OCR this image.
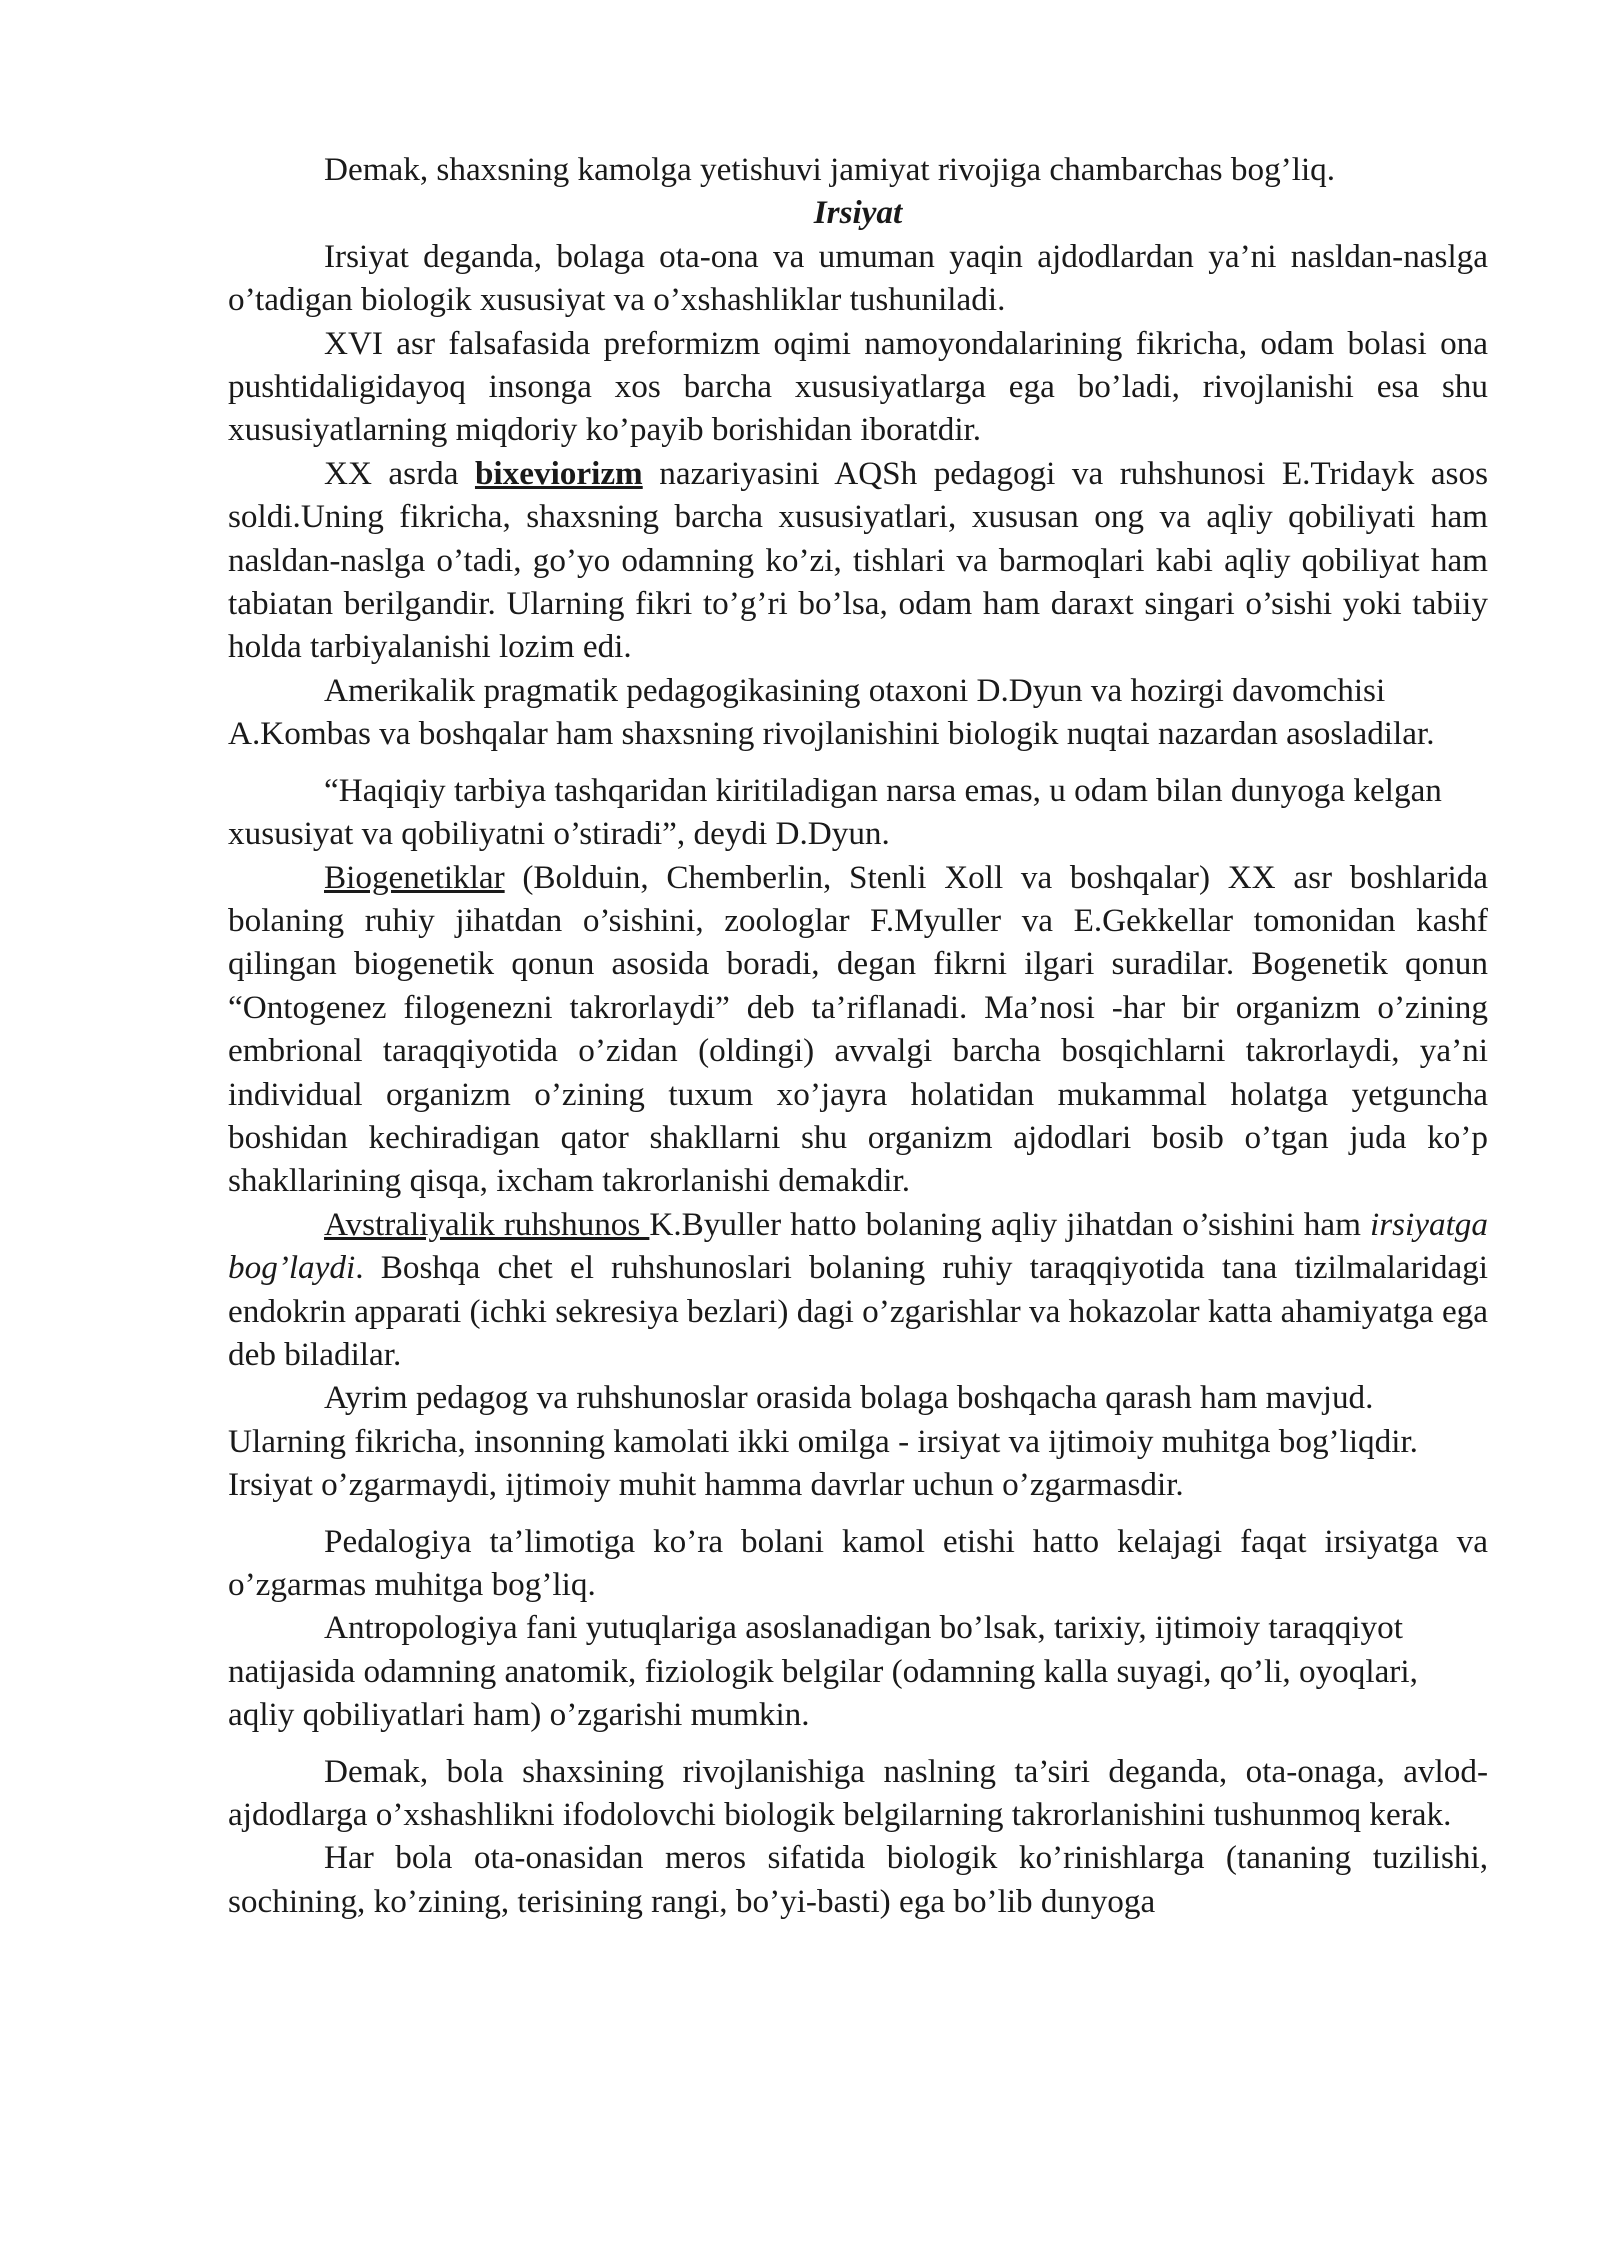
Demak, shaxsning kamolga yetishuvi jamiyat rivojiga chambarchas bog’liq.

Irsiyat

Irsiyat deganda, bolaga ota-ona va umuman yaqin ajdodlardan ya’ni nasldan-naslga o’tadigan biologik xususiyat va o’xshashliklar tushuniladi.

XVI asr falsafasida preformizm oqimi namoyondalarining fikricha, odam bolasi ona pushtidaligidayoq insonga xos barcha xususiyatlarga ega bo’ladi, rivojlanishi esa shu xususiyatlarning miqdoriy ko’payib borishidan iboratdir.

XX asrda bixeviorizm nazariyasini AQSh pedagogi va ruhshunosi E.Tridayk asos soldi.Uning fikricha, shaxsning barcha xususiyatlari, xususan ong va aqliy qobiliyati ham nasldan-naslga o’tadi, go’yo odamning ko’zi, tishlari va barmoqlari kabi aqliy qobiliyat ham tabiatan berilgandir. Ularning fikri to’g’ri bo’lsa, odam ham daraxt singari o’sishi yoki tabiiy holda tarbiyalanishi lozim edi.

Amerikalik pragmatik pedagogikasining otaxoni D.Dyun va hozirgi davomchisi A.Kombas va boshqalar ham shaxsning rivojlanishini biologik nuqtai nazardan asosladilar.

“Haqiqiy tarbiya tashqaridan kiritiladigan narsa emas, u odam bilan dunyoga kelgan xususiyat va qobiliyatni o’stiradi”, deydi D.Dyun.

Biogenetiklar (Bolduin, Chemberlin, Stenli Xoll va boshqalar) XX asr boshlarida bolaning ruhiy jihatdan o’sishini, zoologlar F.Myuller va E.Gekkellar tomonidan kashf qilingan biogenetik qonun asosida boradi, degan fikrni ilgari suradilar. Bogenetik qonun “Ontogenez filogenezni takrorlaydi” deb ta’riflanadi. Ma’nosi -har bir organizm o’zining embrional taraqqiyotida o’zidan (oldingi) avvalgi barcha bosqichlarni takrorlaydi, ya’ni individual organizm o’zining tuxum xo’jayra holatidan mukammal holatga yetguncha boshidan kechiradigan qator shakllarni shu organizm ajdodlari bosib o’tgan juda ko’p shakllarining qisqa, ixcham takrorlanishi demakdir.

Avstraliyalik ruhshunos K.Byuller hatto bolaning aqliy jihatdan o’sishini ham irsiyatga bog’laydi. Boshqa chet el ruhshunoslari bolaning ruhiy taraqqiyotida tana tizilmalaridagi endokrin apparati (ichki sekresiya bezlari) dagi o’zgarishlar va hokazolar katta ahamiyatga ega deb biladilar.

Ayrim pedagog va ruhshunoslar orasida bolaga boshqacha qarash ham mavjud. Ularning fikricha, insonning kamolati ikki omilga - irsiyat va ijtimoiy muhitga bog’liqdir. Irsiyat o’zgarmaydi, ijtimoiy muhit hamma davrlar uchun o’zgarmasdir.

Pedalogiya ta’limotiga ko’ra bolani kamol etishi hatto kelajagi faqat irsiyatga va o’zgarmas muhitga bog’liq.

Antropologiya fani yutuqlariga asoslanadigan bo’lsak, tarixiy, ijtimoiy taraqqiyot natijasida odamning anatomik, fiziologik belgilar (odamning kalla suyagi, qo’li, oyoqlari, aqliy qobiliyatlari ham) o’zgarishi mumkin.

Demak, bola shaxsining rivojlanishiga naslning ta’siri deganda, ota-onaga, avlod-ajdodlarga o’xshashlikni ifodolovchi biologik belgilarning takrorlanishini tushunmoq kerak.

Har bola ota-onasidan meros sifatida biologik ko’rinishlarga (tananing tuzilishi, sochining, ko’zining, terisining rangi, bo’yi-basti) ega bo’lib dunyoga
